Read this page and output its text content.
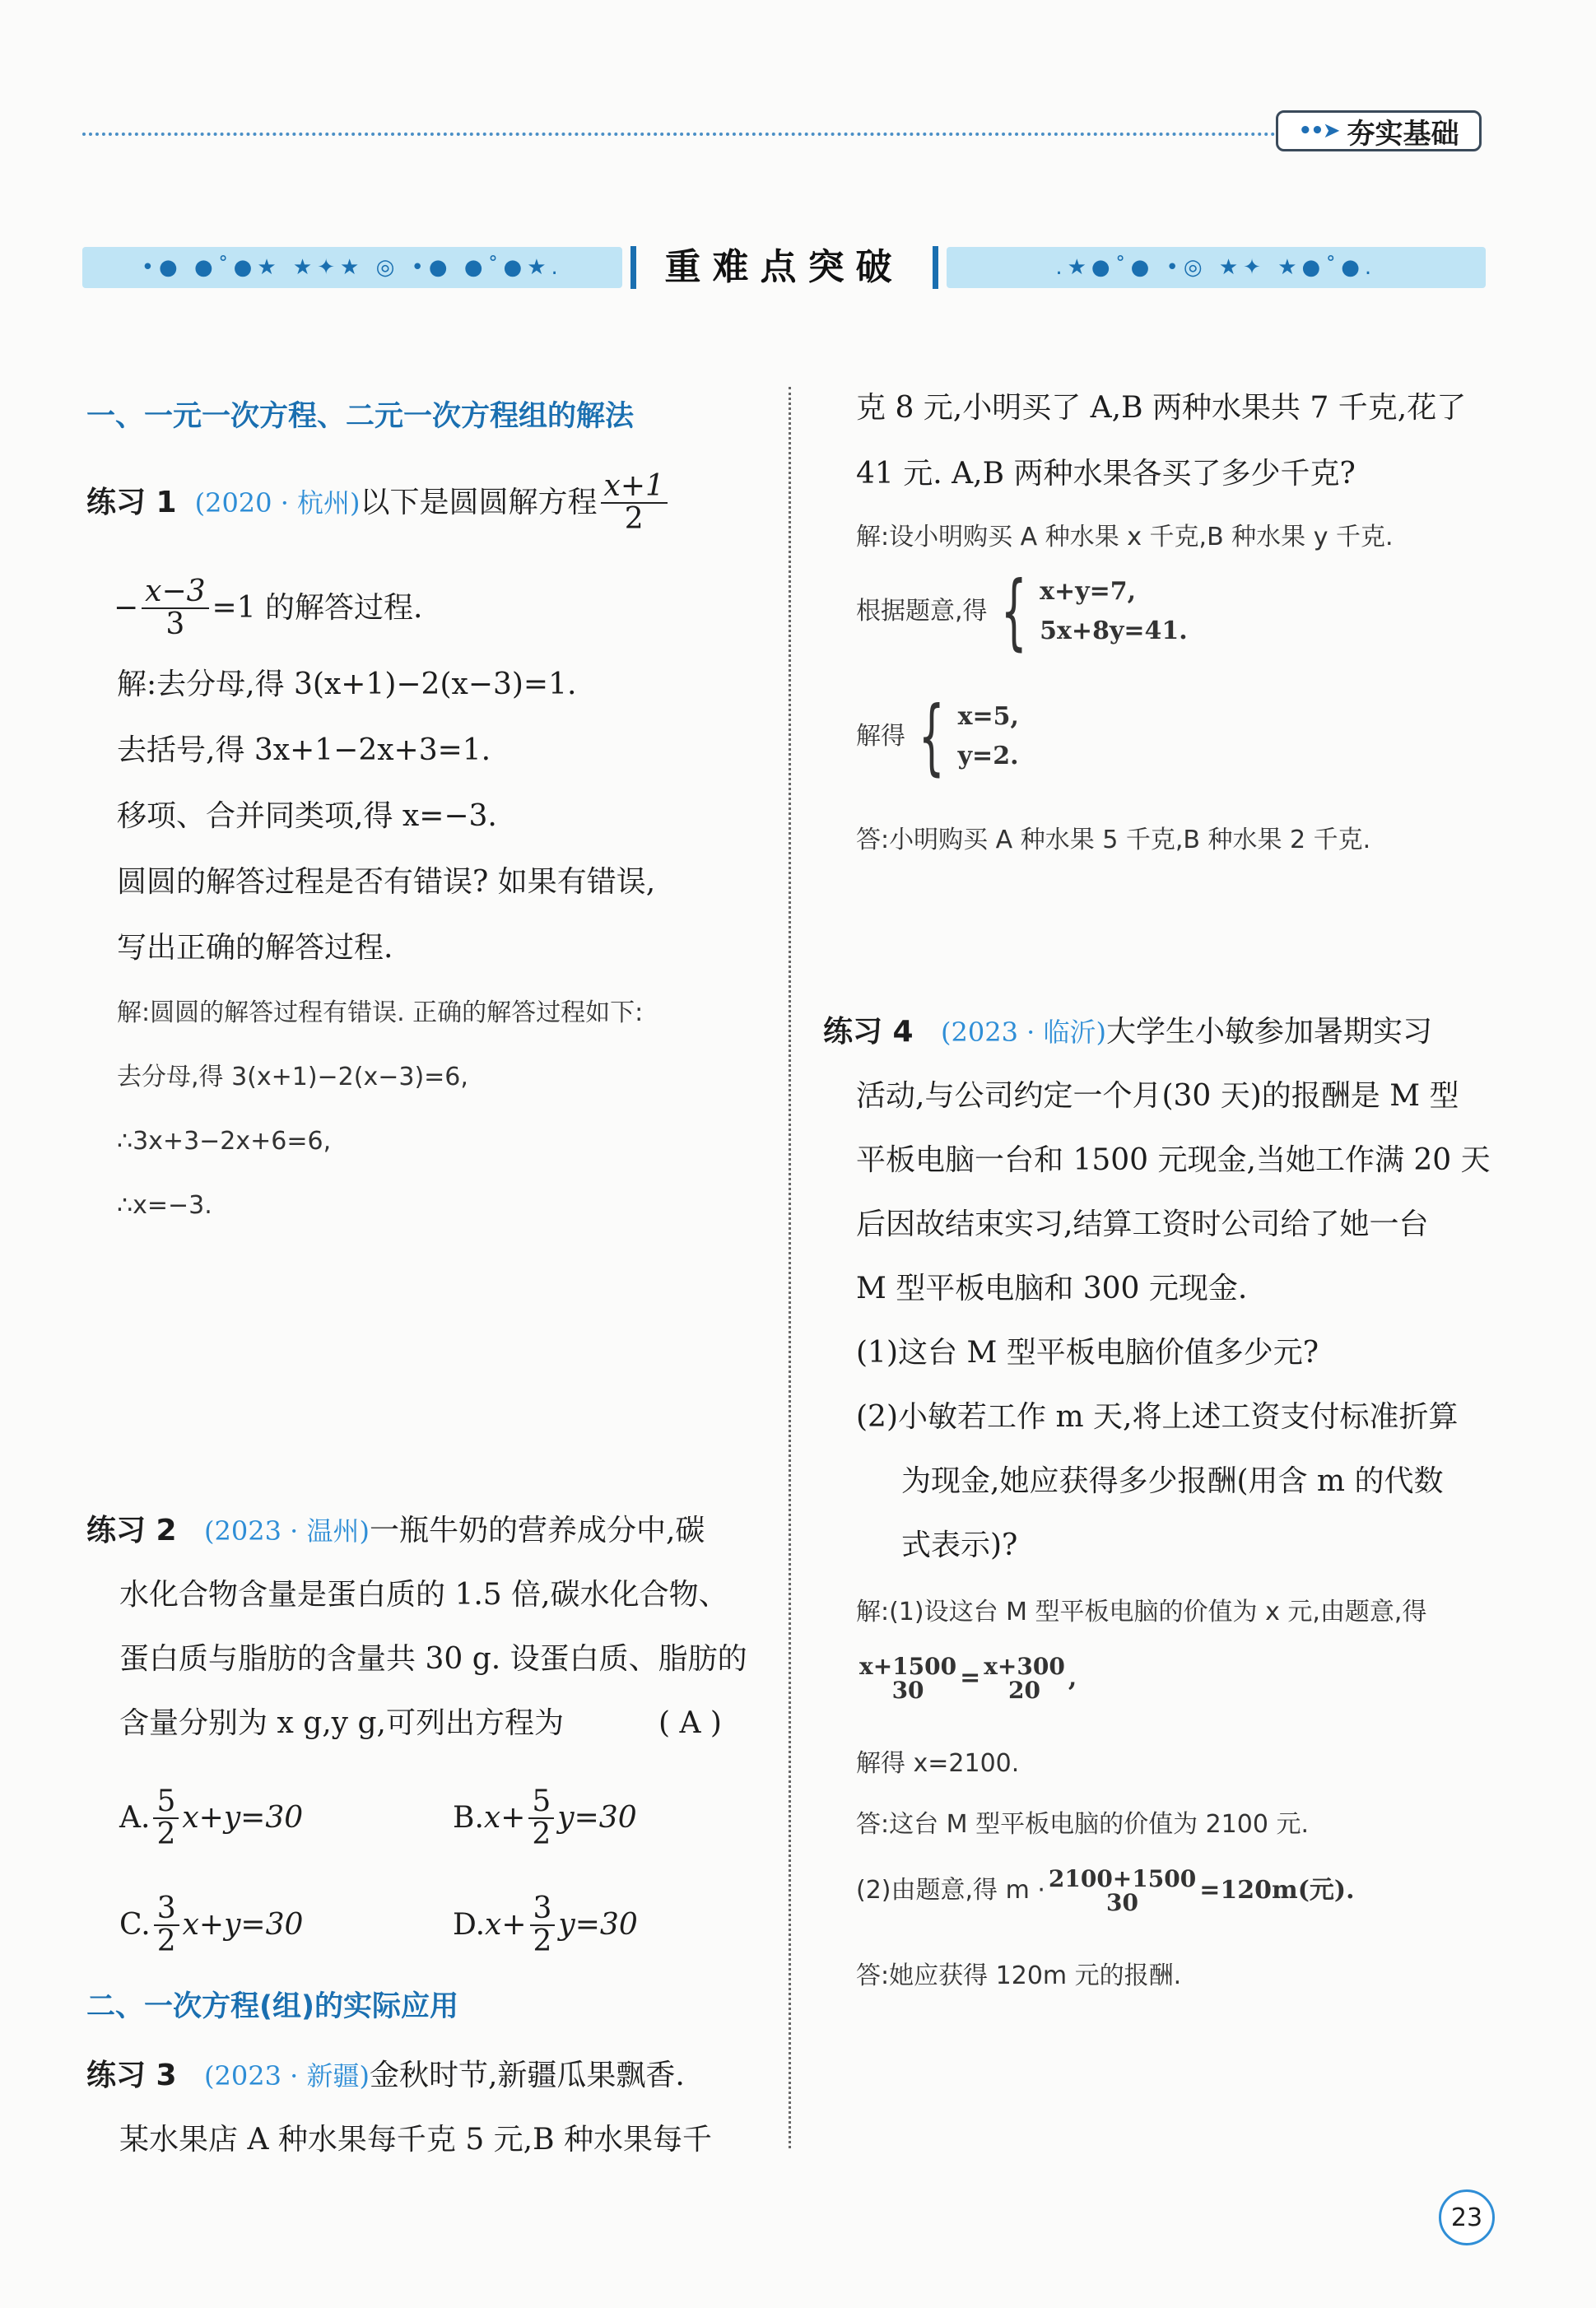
••➤ 夯实基础
•● ●˚●★ ★✦★ ◎ •● ●˚●★.	重难点突破	.★●˚● •◎ ★✦ ★●˚●.
一、一元一次方程、二元一次方程组的解法
练习 1 (2020 · 杭州) 以下是圆圆解方程 $\frac{x+1}{2}$
− $\frac{x-3}{3} =1$ 的解答过程.
解:去分母,得 3(x+1)−2(x−3)=1.
去括号,得 3x+1−2x+3=1.
移项、合并同类项,得 x=−3.
圆圆的解答过程是否有错误? 如果有错误,
写出正确的解答过程.
解:圆圆的解答过程有错误. 正确的解答过程如下:
去分母,得 3(x+1)−2(x−3)=6,
∴3x+3−2x+6=6,
∴x=−3.
练习 2 (2023 · 温州)一瓶牛奶的营养成分中,碳
水化合物含量是蛋白质的 1.5 倍,碳水化合物、
蛋白质与脂肪的含量共 30 g. 设蛋白质、脂肪的
含量分别为 x g,y g,可列出方程为	( A )
A. $\frac{5}{2} x+y=30$	B. $x+ \frac{5}{2} y=30$
C. $\frac{3}{2} x+y=30$	D. $x+ \frac{3}{2} y=30$
二、一次方程(组)的实际应用
练习 3 (2023 · 新疆)金秋时节,新疆瓜果飘香.
某水果店 A 种水果每千克 5 元,B 种水果每千
克 8 元,小明买了 A,B 两种水果共 7 千克,花了
41 元. A,B 两种水果各买了多少千克?
解:设小明购买 A 种水果 x 千克,B 种水果 y 千克.
根据题意,得 { x+y=7,
5x+8y=41.
解得 { x=5,
y=2.
答:小明购买 A 种水果 5 千克,B 种水果 2 千克.
练习 4 (2023 · 临沂)大学生小敏参加暑期实习
活动,与公司约定一个月(30 天)的报酬是 M 型
平板电脑一台和 1500 元现金,当她工作满 20 天
后因故结束实习,结算工资时公司给了她一台
M 型平板电脑和 300 元现金.
(1)这台 M 型平板电脑价值多少元?
(2)小敏若工作 m 天,将上述工资支付标准折算
为现金,她应获得多少报酬(用含 m 的代数
式表示)?
解:(1)设这台 M 型平板电脑的价值为 x 元,由题意,得
x+1500
30 = x+300
20 ,
解得 x=2100.
答:这台 M 型平板电脑的价值为 2100 元.
(2)由题意,得 m · 2100+1500
30 =120m(元).
答:她应获得 120m 元的报酬.
23
